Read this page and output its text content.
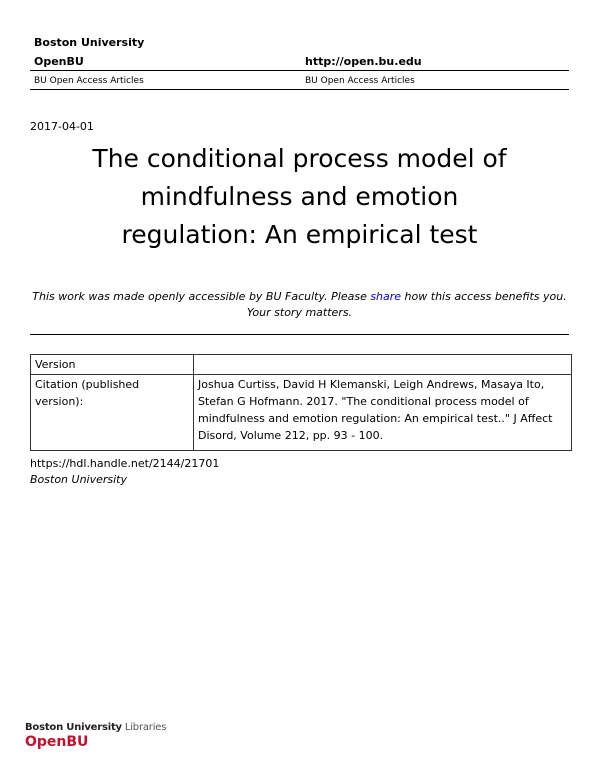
Boston University
OpenBU	http://open.bu.edu
BU Open Access Articles	BU Open Access Articles
2017-04-01
The conditional process model of
mindfulness and emotion
regulation: An empirical test
This work was made openly accessible by BU Faculty. Please share how this access benefits you.
Your story matters.
Version	
Citation (published version):	Joshua Curtiss, David H Klemanski, Leigh Andrews, Masaya Ito, Stefan G Hofmann. 2017. "The conditional process model of mindfulness and emotion regulation: An empirical test.." J Affect Disord, Volume 212, pp. 93 - 100.
https://hdl.handle.net/2144/21701
Boston University
Boston University Libraries
OpenBU
